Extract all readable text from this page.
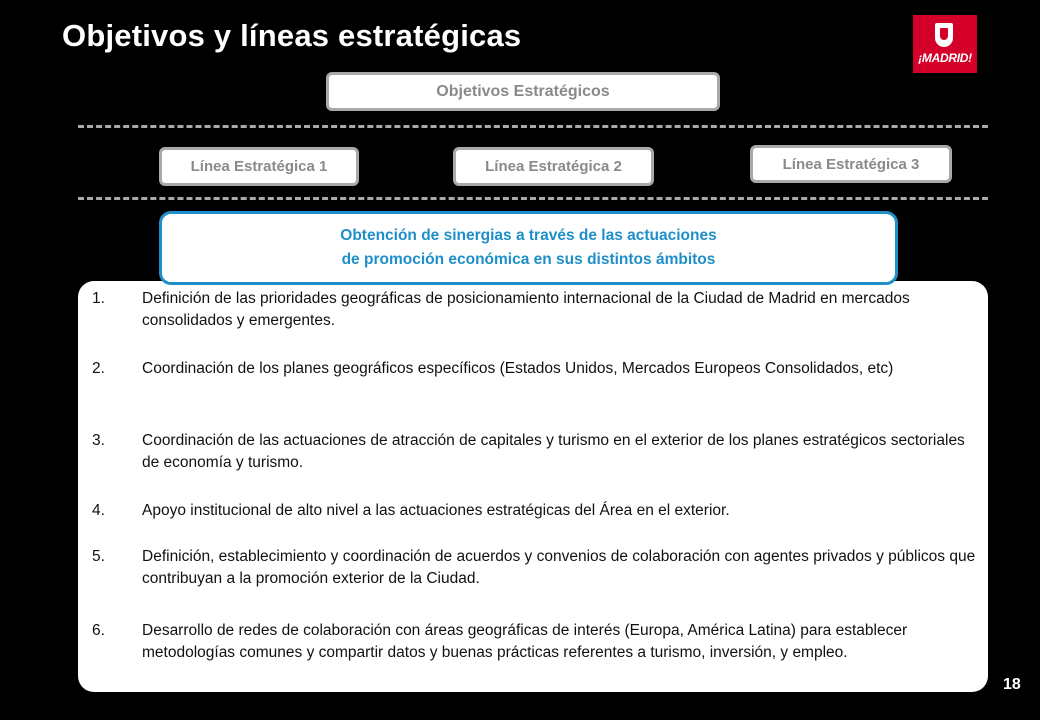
Objetivos y líneas estratégicas
¡MADRID!
Objetivos Estratégicos
Línea Estratégica 1	Línea Estratégica 2	Línea Estratégica 3
Obtención de sinergias a través de las actuaciones
de promoción económica en sus distintos ámbitos
1.	Definición de las prioridades geográficas de posicionamiento internacional de la Ciudad de Madrid en mercados consolidados y emergentes.
2.	Coordinación de los planes geográficos específicos (Estados Unidos, Mercados Europeos Consolidados, etc)
3.	Coordinación de las actuaciones de atracción de capitales y turismo en el exterior de los planes estratégicos sectoriales de economía y turismo.
4.	Apoyo institucional de alto nivel a las actuaciones estratégicas del Área en el exterior.
5.	Definición, establecimiento y coordinación de acuerdos y convenios de colaboración con agentes privados y públicos que contribuyan a la promoción exterior de la Ciudad.
6.	Desarrollo de redes de colaboración con áreas geográficas de interés (Europa, América Latina) para establecer metodologías comunes y compartir datos y buenas prácticas referentes a turismo, inversión, y empleo.
18
